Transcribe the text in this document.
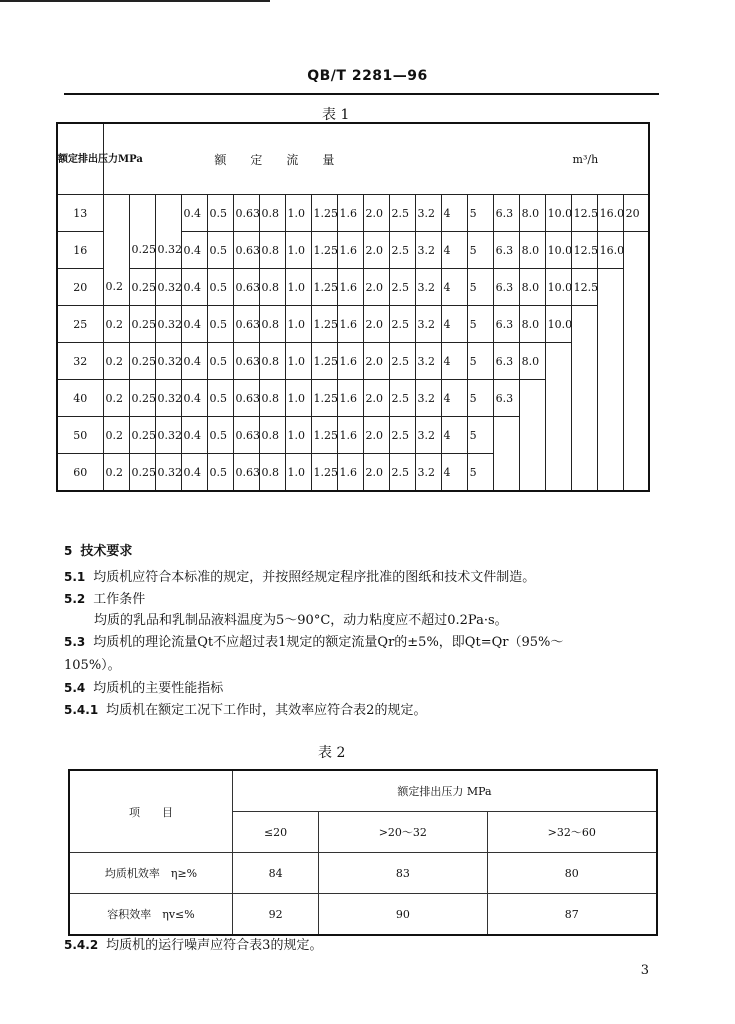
QB/T 2281—96
表 1
额定排出压力MPa	额定流量														m³/h						
13				0.4	0.5	0.63	0.8	1.0	1.25	1.6	2.0	2.5	3.2	4	5	6.3	8.0	10.0	12.5	16.0	20
16		0.25	0.32	0.4	0.5	0.63	0.8	1.0	1.25	1.6	2.0	2.5	3.2	4	5	6.3	8.0	10.0	12.5	16.0	
20	0.2	0.25	0.32	0.4	0.5	0.63	0.8	1.0	1.25	1.6	2.0	2.5	3.2	4	5	6.3	8.0	10.0	12.5		
25	0.2	0.25	0.32	0.4	0.5	0.63	0.8	1.0	1.25	1.6	2.0	2.5	3.2	4	5	6.3	8.0	10.0			
32	0.2	0.25	0.32	0.4	0.5	0.63	0.8	1.0	1.25	1.6	2.0	2.5	3.2	4	5	6.3	8.0				
40	0.2	0.25	0.32	0.4	0.5	0.63	0.8	1.0	1.25	1.6	2.0	2.5	3.2	4	5	6.3					
50	0.2	0.25	0.32	0.4	0.5	0.63	0.8	1.0	1.25	1.6	2.0	2.5	3.2	4	5						
60	0.2	0.25	0.32	0.4	0.5	0.63	0.8	1.0	1.25	1.6	2.0	2.5	3.2	4	5						
5 技术要求
5.1 均质机应符合本标准的规定，并按照经规定程序批准的图纸和技术文件制造。
5.2 工作条件
均质的乳品和乳制品液料温度为5～90°C，动力粘度应不超过0.2Pa·s。
5.3 均质机的理论流量Qt不应超过表1规定的额定流量Qr的±5%，即Qt=Qr（95%～
105%）。
5.4 均质机的主要性能指标
5.4.1 均质机在额定工况下工作时，其效率应符合表2的规定。
表 2
项　　目	额定排出压力 MPa		
	≤20	>20～32	>32～60
均质机效率　η≥%	84	83	80
容积效率　ηv≤%	92	90	87
5.4.2 均质机的运行噪声应符合表3的规定。
3
